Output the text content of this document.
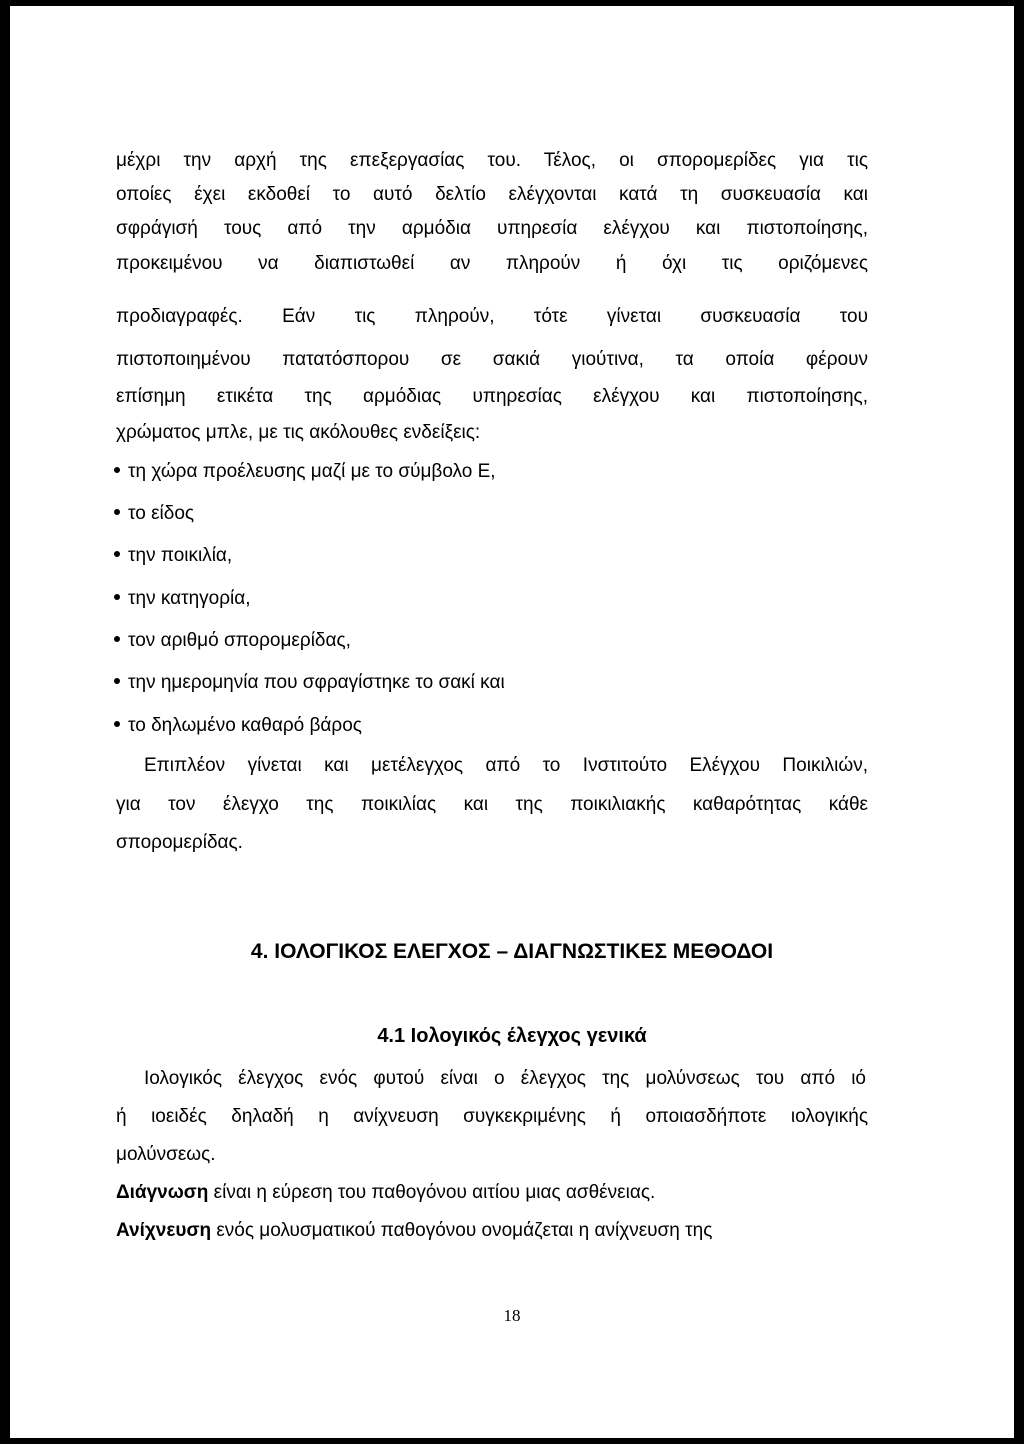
μέχρι την αρχή της επεξεργασίας του. Τέλος, οι σπορομερίδες για τις
οποίες έχει εκδοθεί το αυτό δελτίο ελέγχονται κατά τη συσκευασία και
σφράγισή τους από την αρμόδια υπηρεσία ελέγχου και πιστοποίησης,
προκειμένου να διαπιστωθεί αν πληρούν ή όχι τις οριζόμενες
προδιαγραφές. Εάν τις πληρούν, τότε γίνεται συσκευασία του
πιστοποιημένου πατατόσπορου σε σακιά γιούτινα, τα οποία φέρουν
επίσημη ετικέτα της αρμόδιας υπηρεσίας ελέγχου και πιστοποίησης,
χρώματος μπλε, με τις ακόλουθες ενδείξεις:
τη χώρα προέλευσης μαζί με το σύμβολο Ε,
το είδος
την ποικιλία,
την κατηγορία,
τον αριθμό σπορομερίδας,
την ημερομηνία που σφραγίστηκε το σακί και
το δηλωμένο καθαρό βάρος
Επιπλέον γίνεται και μετέλεγχος από το Ινστιτούτο Ελέγχου Ποικιλιών,
για τον έλεγχο της ποικιλίας και της ποικιλιακής καθαρότητας κάθε
σπορομερίδας.
4. ΙΟΛΟΓΙΚΟΣ ΕΛΕΓΧΟΣ – ΔΙΑΓΝΩΣΤΙΚΕΣ ΜΕΘΟΔΟΙ
4.1 Ιολογικός έλεγχος γενικά
Ιολογικός έλεγχος ενός φυτού είναι ο έλεγχος της μολύνσεως του από ιό
ή ιοειδές δηλαδή η ανίχνευση συγκεκριμένης ή οποιασδήποτε ιολογικής
μολύνσεως.
Διάγνωση είναι η εύρεση του παθογόνου αιτίου μιας ασθένειας.
Ανίχνευση ενός μολυσματικού παθογόνου ονομάζεται η ανίχνευση της
18
